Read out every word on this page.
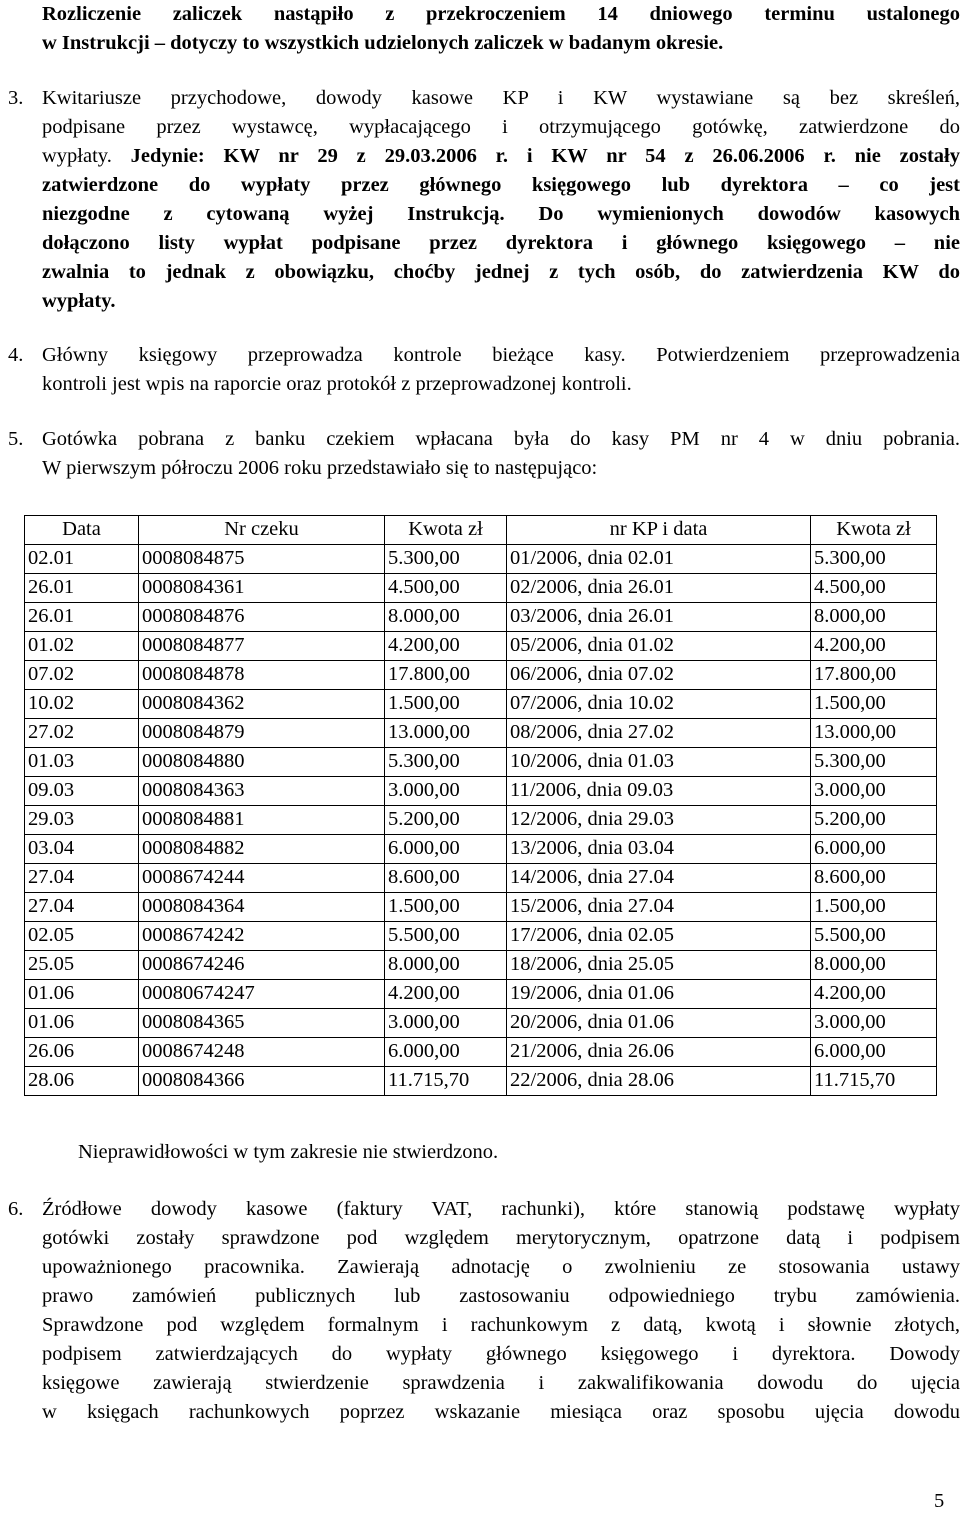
Rozliczenie zaliczek nastąpiło z przekroczeniem 14 dniowego terminu ustalonego
w Instrukcji – dotyczy to wszystkich udzielonych zaliczek w badanym okresie.
3. Kwitariusze przychodowe, dowody kasowe KP i KW wystawiane są bez skreśleń,
podpisane przez wystawcę, wypłacającego i otrzymującego gotówkę, zatwierdzone do
wypłaty. Jedynie: KW nr 29 z 29.03.2006 r. i KW nr 54 z 26.06.2006 r. nie zostały
zatwierdzone do wypłaty przez głównego księgowego lub dyrektora – co jest
niezgodne z cytowaną wyżej Instrukcją. Do wymienionych dowodów kasowych
dołączono listy wypłat podpisane przez dyrektora i głównego księgowego – nie
zwalnia to jednak z obowiązku, choćby jednej z tych osób, do zatwierdzenia KW do
wypłaty.
4. Główny księgowy przeprowadza kontrole bieżące kasy. Potwierdzeniem przeprowadzenia
kontroli jest wpis na raporcie oraz protokół z przeprowadzonej kontroli.
5. Gotówka pobrana z banku czekiem wpłacana była do kasy PM nr 4 w dniu pobrania.
W pierwszym półroczu 2006 roku przedstawiało się to następująco:
Data	Nr czeku	Kwota zł	nr KP i data	Kwota zł
02.01	0008084875	5.300,00	01/2006, dnia 02.01	5.300,00
26.01	0008084361	4.500,00	02/2006, dnia 26.01	4.500,00
26.01	0008084876	8.000,00	03/2006, dnia 26.01	8.000,00
01.02	0008084877	4.200,00	05/2006, dnia 01.02	4.200,00
07.02	0008084878	17.800,00	06/2006, dnia 07.02	17.800,00
10.02	0008084362	1.500,00	07/2006, dnia 10.02	1.500,00
27.02	0008084879	13.000,00	08/2006, dnia 27.02	13.000,00
01.03	0008084880	5.300,00	10/2006, dnia 01.03	5.300,00
09.03	0008084363	3.000,00	11/2006, dnia 09.03	3.000,00
29.03	0008084881	5.200,00	12/2006, dnia 29.03	5.200,00
03.04	0008084882	6.000,00	13/2006, dnia 03.04	6.000,00
27.04	0008674244	8.600,00	14/2006, dnia 27.04	8.600,00
27.04	0008084364	1.500,00	15/2006, dnia 27.04	1.500,00
02.05	0008674242	5.500,00	17/2006, dnia 02.05	5.500,00
25.05	0008674246	8.000,00	18/2006, dnia 25.05	8.000,00
01.06	00080674247	4.200,00	19/2006, dnia 01.06	4.200,00
01.06	0008084365	3.000,00	20/2006, dnia 01.06	3.000,00
26.06	0008674248	6.000,00	21/2006, dnia 26.06	6.000,00
28.06	0008084366	11.715,70	22/2006, dnia 28.06	11.715,70
Nieprawidłowości w tym zakresie nie stwierdzono.
6. Źródłowe dowody kasowe (faktury VAT, rachunki), które stanowią podstawę wypłaty
gotówki zostały sprawdzone pod względem merytorycznym, opatrzone datą i podpisem
upoważnionego pracownika. Zawierają adnotację o zwolnieniu ze stosowania ustawy
prawo zamówień publicznych lub zastosowaniu odpowiedniego trybu zamówienia.
Sprawdzone pod względem formalnym i rachunkowym z datą, kwotą i słownie złotych,
podpisem zatwierdzających do wypłaty głównego księgowego i dyrektora. Dowody
księgowe zawierają stwierdzenie sprawdzenia i zakwalifikowania dowodu do ujęcia
w księgach rachunkowych poprzez wskazanie miesiąca oraz sposobu ujęcia dowodu
5
